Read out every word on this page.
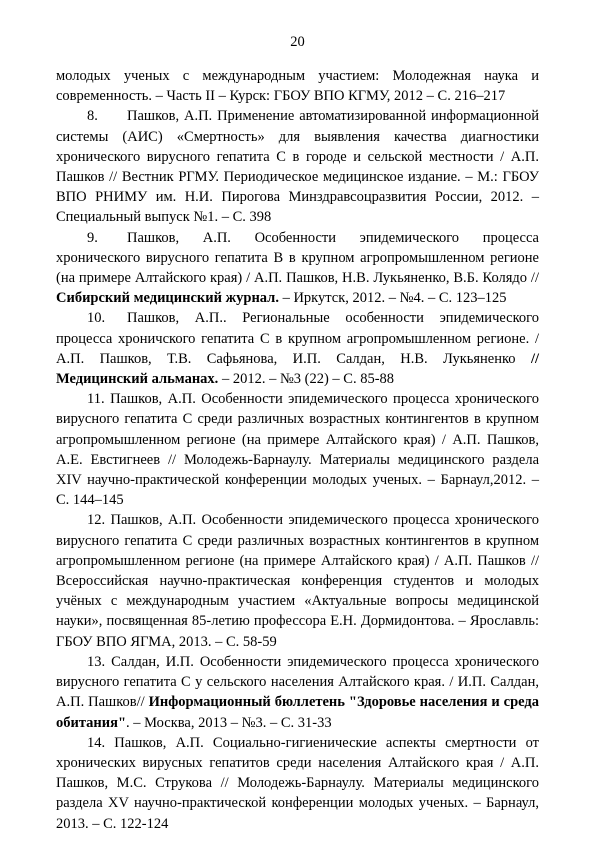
20

молодых ученых с международным участием: Молодежная наука и современность. – Часть II – Курск: ГБОУ ВПО КГМУ, 2012 – С. 216–217

8. Пашков, А.П. Применение автоматизированной информационной системы (АИС) «Смертность» для выявления качества диагностики хронического вирусного гепатита С в городе и сельской местности / А.П. Пашков // Вестник РГМУ. Периодическое медицинское издание. – М.: ГБОУ ВПО РНИМУ им. Н.И. Пирогова Минздравсоцразвития России, 2012. – Специальный выпуск №1. – С. 398

9. Пашков, А.П. Особенности эпидемического процесса хронического вирусного гепатита В в крупном агропромышленном регионе (на примере Алтайского края) / А.П. Пашков, Н.В. Лукьяненко, В.Б. Колядо // Сибирский медицинский журнал. – Иркутск, 2012. – №4. – С. 123–125

10. Пашков, А.П.. Региональные особенности эпидемического процесса хроничского гепатита С в крупном агропромышленном регионе. / А.П. Пашков, Т.В. Сафьянова, И.П. Салдан, Н.В. Лукьяненко // Медицинский альманах. – 2012. – №3 (22) – С. 85-88

11. Пашков, А.П. Особенности эпидемического процесса хронического вирусного гепатита С среди различных возрастных контингентов в крупном агропромышленном регионе (на примере Алтайского края) / А.П. Пашков, А.Е. Евстигнеев // Молодежь-Барнаулу. Материалы медицинского раздела XIV научно-практической конференции молодых ученых. – Барнаул,2012. – С. 144–145

12. Пашков, А.П. Особенности эпидемического процесса хронического вирусного гепатита С среди различных возрастных контингентов в крупном агропромышленном регионе (на примере Алтайского края) / А.П. Пашков // Всероссийская научно-практическая конференция студентов и молодых учёных с международным участием «Актуальные вопросы медицинской науки», посвященная 85-летию профессора Е.Н. Дормидонтова. – Ярославль: ГБОУ ВПО ЯГМА, 2013. – С. 58-59

13. Салдан, И.П. Особенности эпидемического процесса хронического вирусного гепатита С у сельского населения Алтайского края. / И.П. Салдан, А.П. Пашков// Информационный бюллетень "Здоровье населения и среда обитания". – Москва, 2013 – №3. – С. 31-33

14. Пашков, А.П. Социально-гигиенические аспекты смертности от хронических вирусных гепатитов среди населения Алтайского края / А.П. Пашков, М.С. Струкова // Молодежь-Барнаулу. Материалы медицинского раздела XV научно-практической конференции молодых ученых. – Барнаул, 2013. – С. 122-124
